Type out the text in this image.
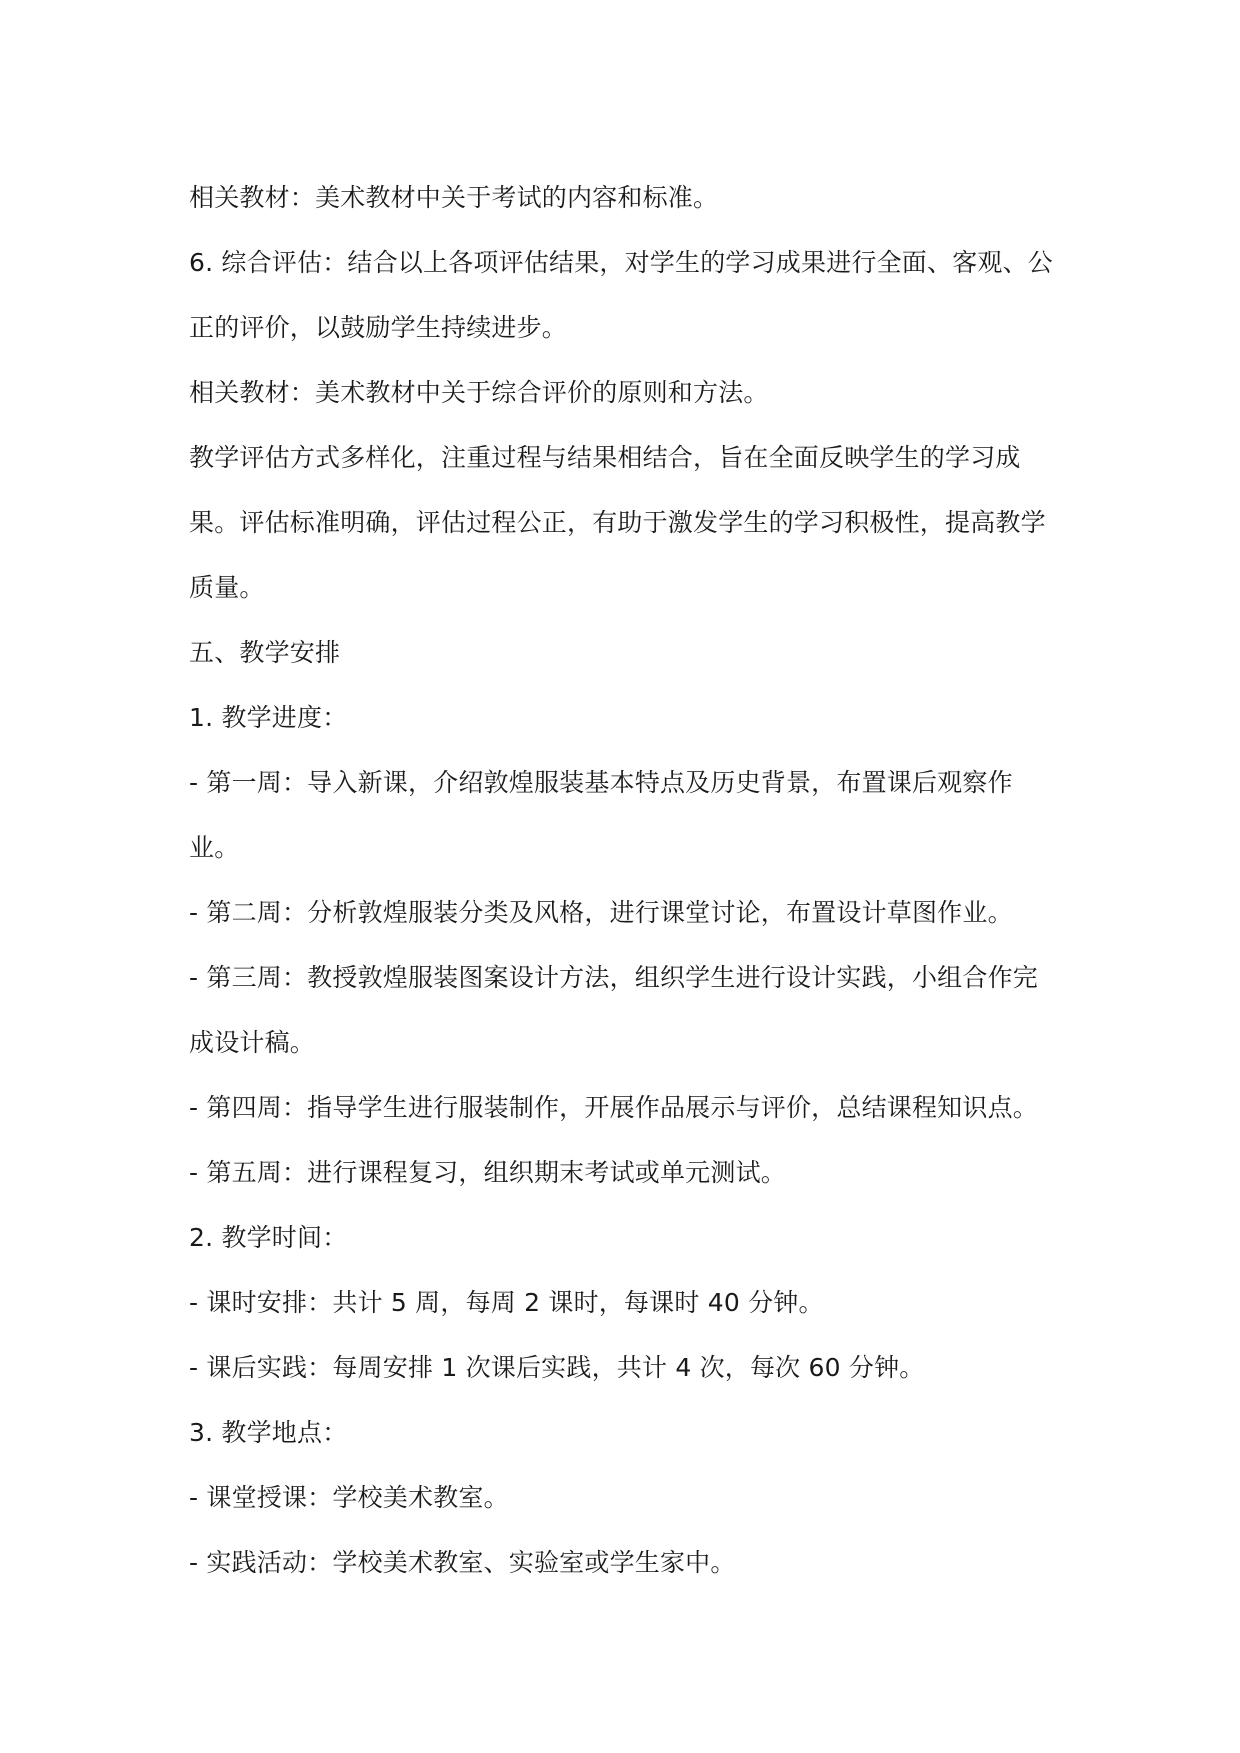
相关教材：美术教材中关于考试的内容和标准。

6. 综合评估：结合以上各项评估结果，对学生的学习成果进行全面、客观、公

正的评价，以鼓励学生持续进步。

相关教材：美术教材中关于综合评价的原则和方法。

教学评估方式多样化，注重过程与结果相结合，旨在全面反映学生的学习成

果。评估标准明确，评估过程公正，有助于激发学生的学习积极性，提高教学

质量。

五、教学安排

1. 教学进度：

- 第一周：导入新课，介绍敦煌服装基本特点及历史背景，布置课后观察作

业。

- 第二周：分析敦煌服装分类及风格，进行课堂讨论，布置设计草图作业。

- 第三周：教授敦煌服装图案设计方法，组织学生进行设计实践，小组合作完

成设计稿。

- 第四周：指导学生进行服装制作，开展作品展示与评价，总结课程知识点。

- 第五周：进行课程复习，组织期末考试或单元测试。

2. 教学时间：

- 课时安排：共计 5 周，每周 2 课时，每课时 40 分钟。

- 课后实践：每周安排 1 次课后实践，共计 4 次，每次 60 分钟。

3. 教学地点：

- 课堂授课：学校美术教室。

- 实践活动：学校美术教室、实验室或学生家中。
